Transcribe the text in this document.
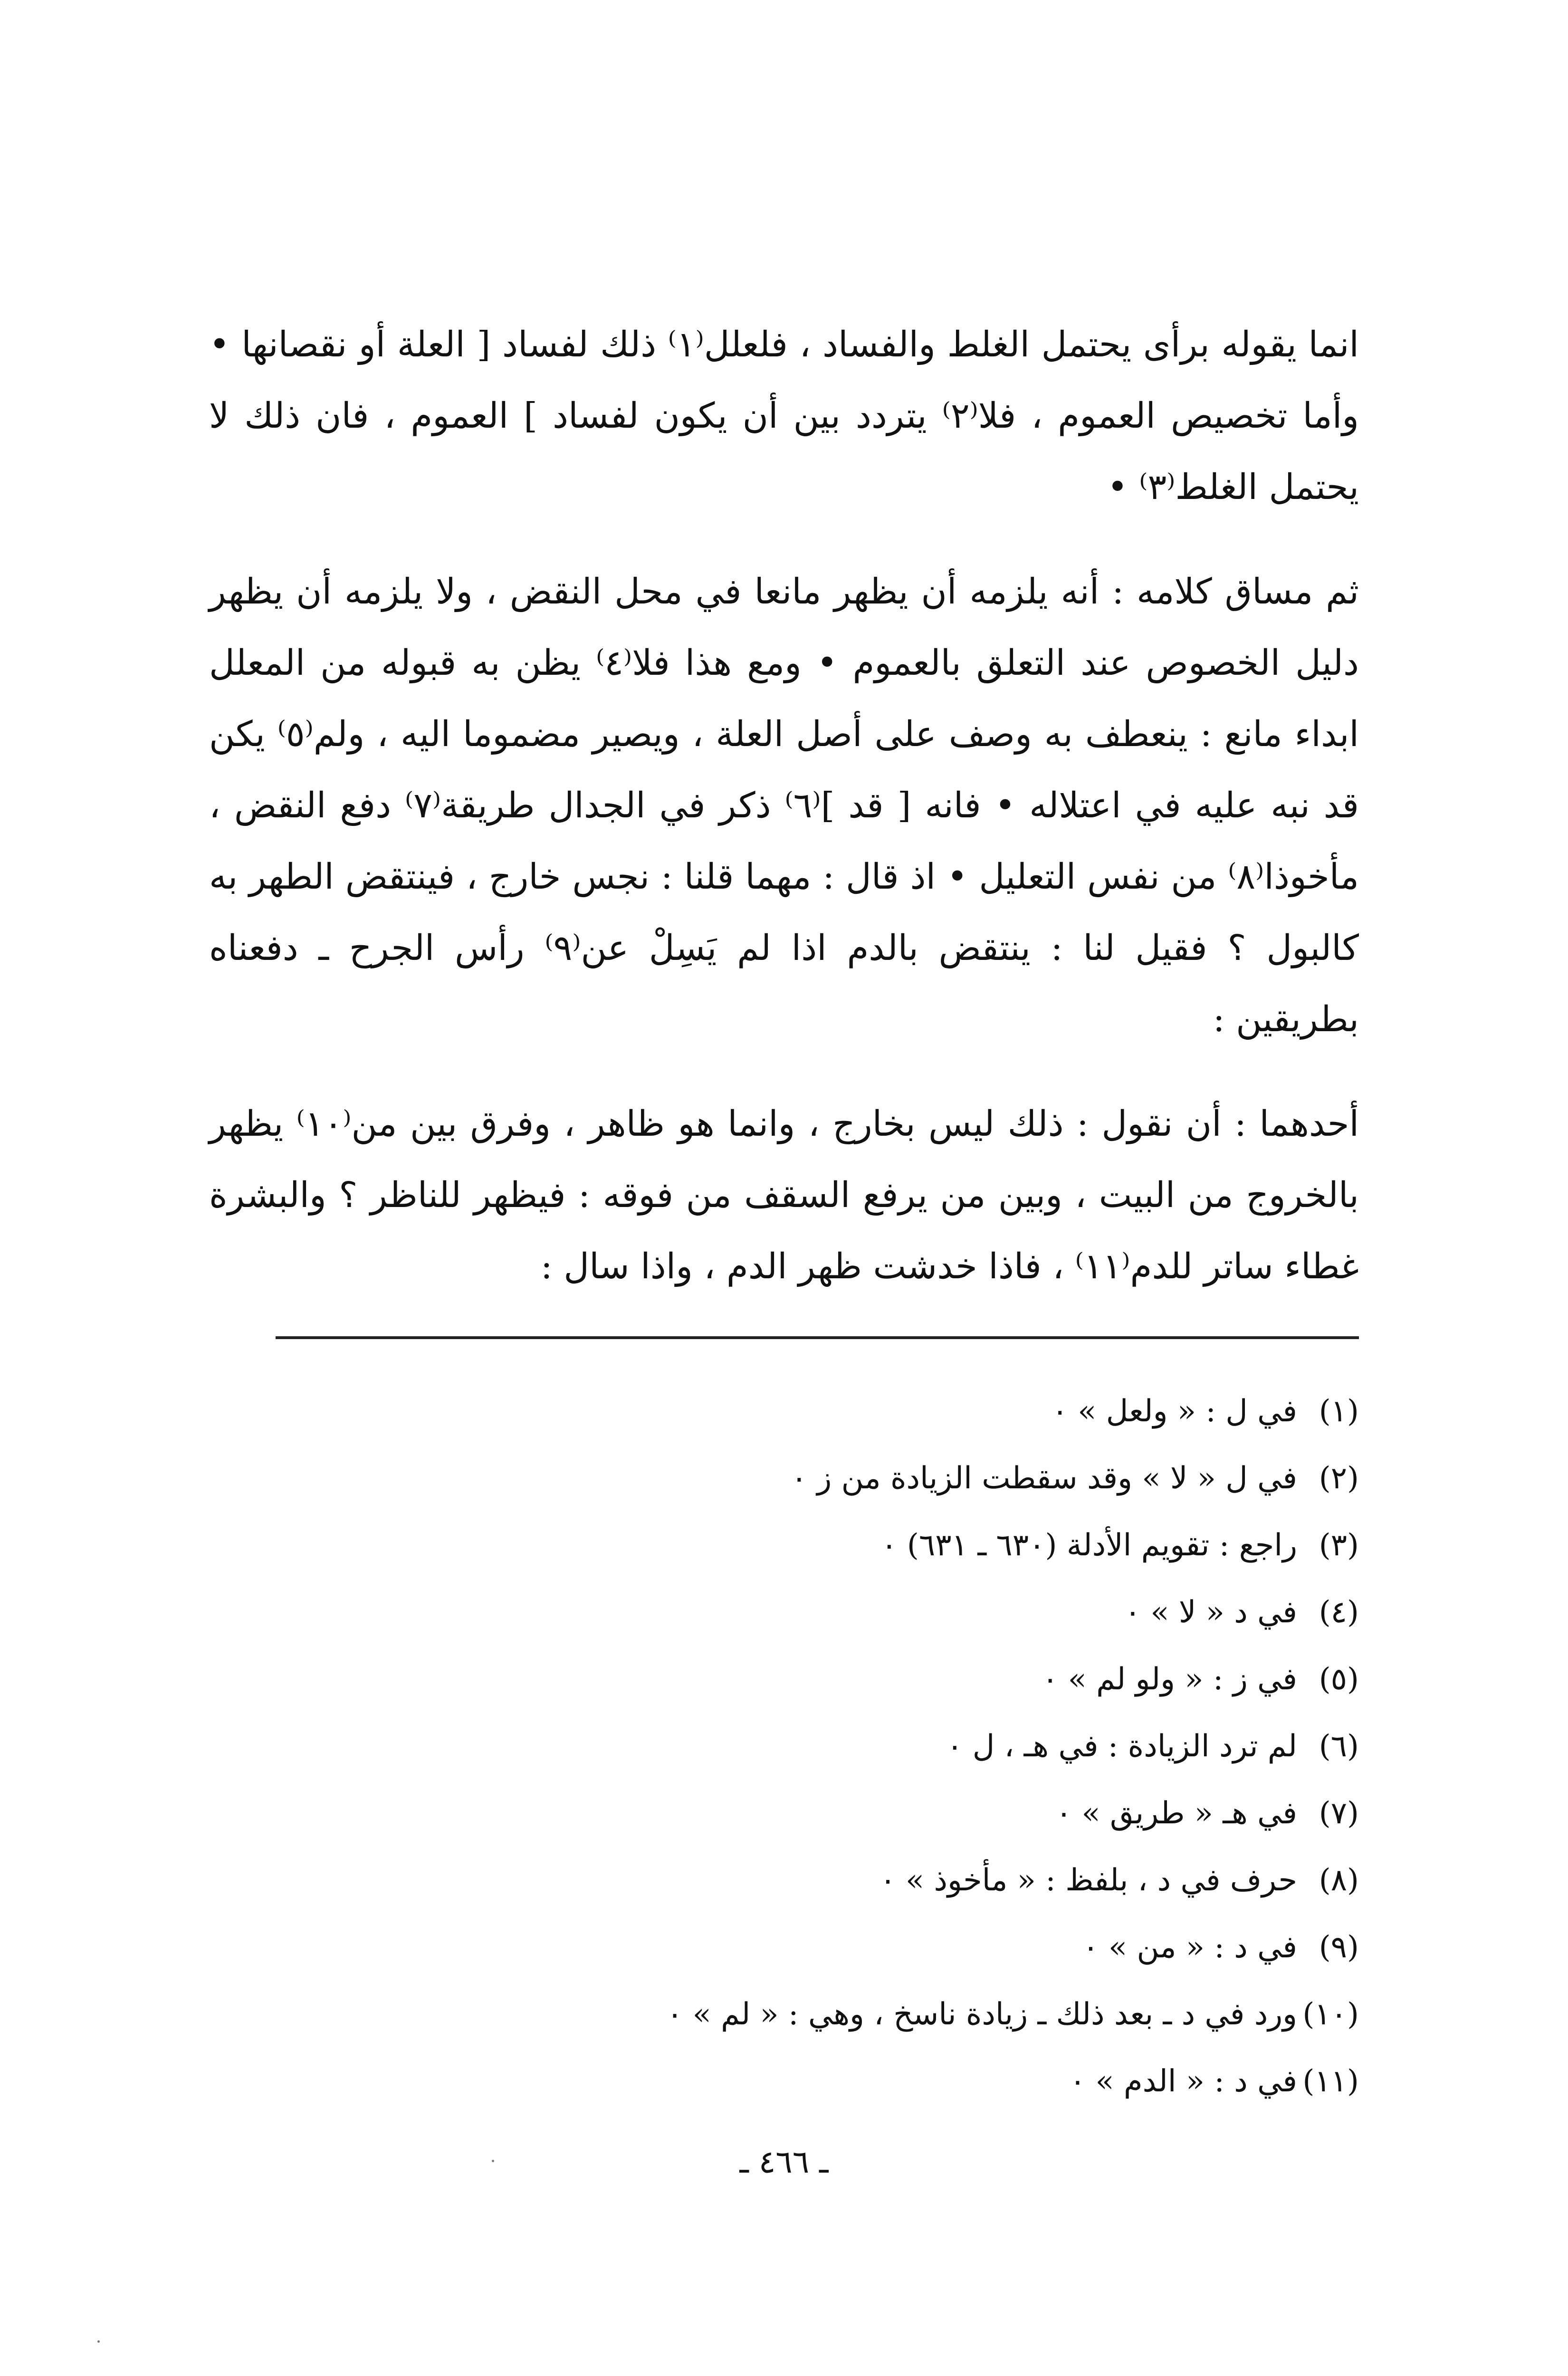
انما يقوله برأى يحتمل الغلط والفساد ، فلعلل⁽١⁾ ذلك لفساد [ العلة أو نقصانها • وأما تخصيص العموم ، فلا⁽٢⁾ يتردد بين أن يكون لفساد ] العموم ، فان ذلك لا يحتمل الغلط⁽٣⁾ •

ثم مساق كلامه : أنه يلزمه أن يظهر مانعا في محل النقض ، ولا يلزمه أن يظهر دليل الخصوص عند التعلق بالعموم • ومع هذا فلا⁽٤⁾ يظن به قبوله من المعلل ابداء مانع : ينعطف به وصف على أصل العلة ، ويصير مضموما اليه ، ولم⁽٥⁾ يكن قد نبه عليه في اعتلاله • فانه [ قد ]⁽٦⁾ ذكر في الجدال طريقة⁽٧⁾ دفع النقض ، مأخوذا⁽٨⁾ من نفس التعليل • اذ قال : مهما قلنا : نجس خارج ، فينتقض الطهر به كالبول ؟ فقيل لنا : ينتقض بالدم اذا لم يَسِلْ عن⁽٩⁾ رأس الجرح ـ دفعناه بطريقين :

أحدهما : أن نقول : ذلك ليس بخارج ، وانما هو ظاهر ، وفرق بين من⁽١٠⁾ يظهر بالخروج من البيت ، وبين من يرفع السقف من فوقه : فيظهر للناظر ؟ والبشرة غطاء ساتر للدم⁽١١⁾ ، فاذا خدشت ظهر الدم ، واذا سال :

(١)
في ل : « ولعل » ٠
(٢)
في ل « لا » وقد سقطت الزيادة من ز ٠
(٣)
راجع : تقويم الأدلة (٦٣٠ ـ ٦٣١) ٠
(٤)
في د « لا » ٠
(٥)
في ز : « ولو لم » ٠
(٦)
لم ترد الزيادة : في هـ ، ل ٠
(٧)
في هـ « طريق » ٠
(٨)
حرف في د ، بلفظ : « مأخوذ » ٠
(٩)
في د : « من » ٠
(١٠)
ورد في د ـ بعد ذلك ـ زيادة ناسخ ، وهي : « لم » ٠
(١١)
في د : « الدم » ٠
ـ ٤٦٦ ـ
